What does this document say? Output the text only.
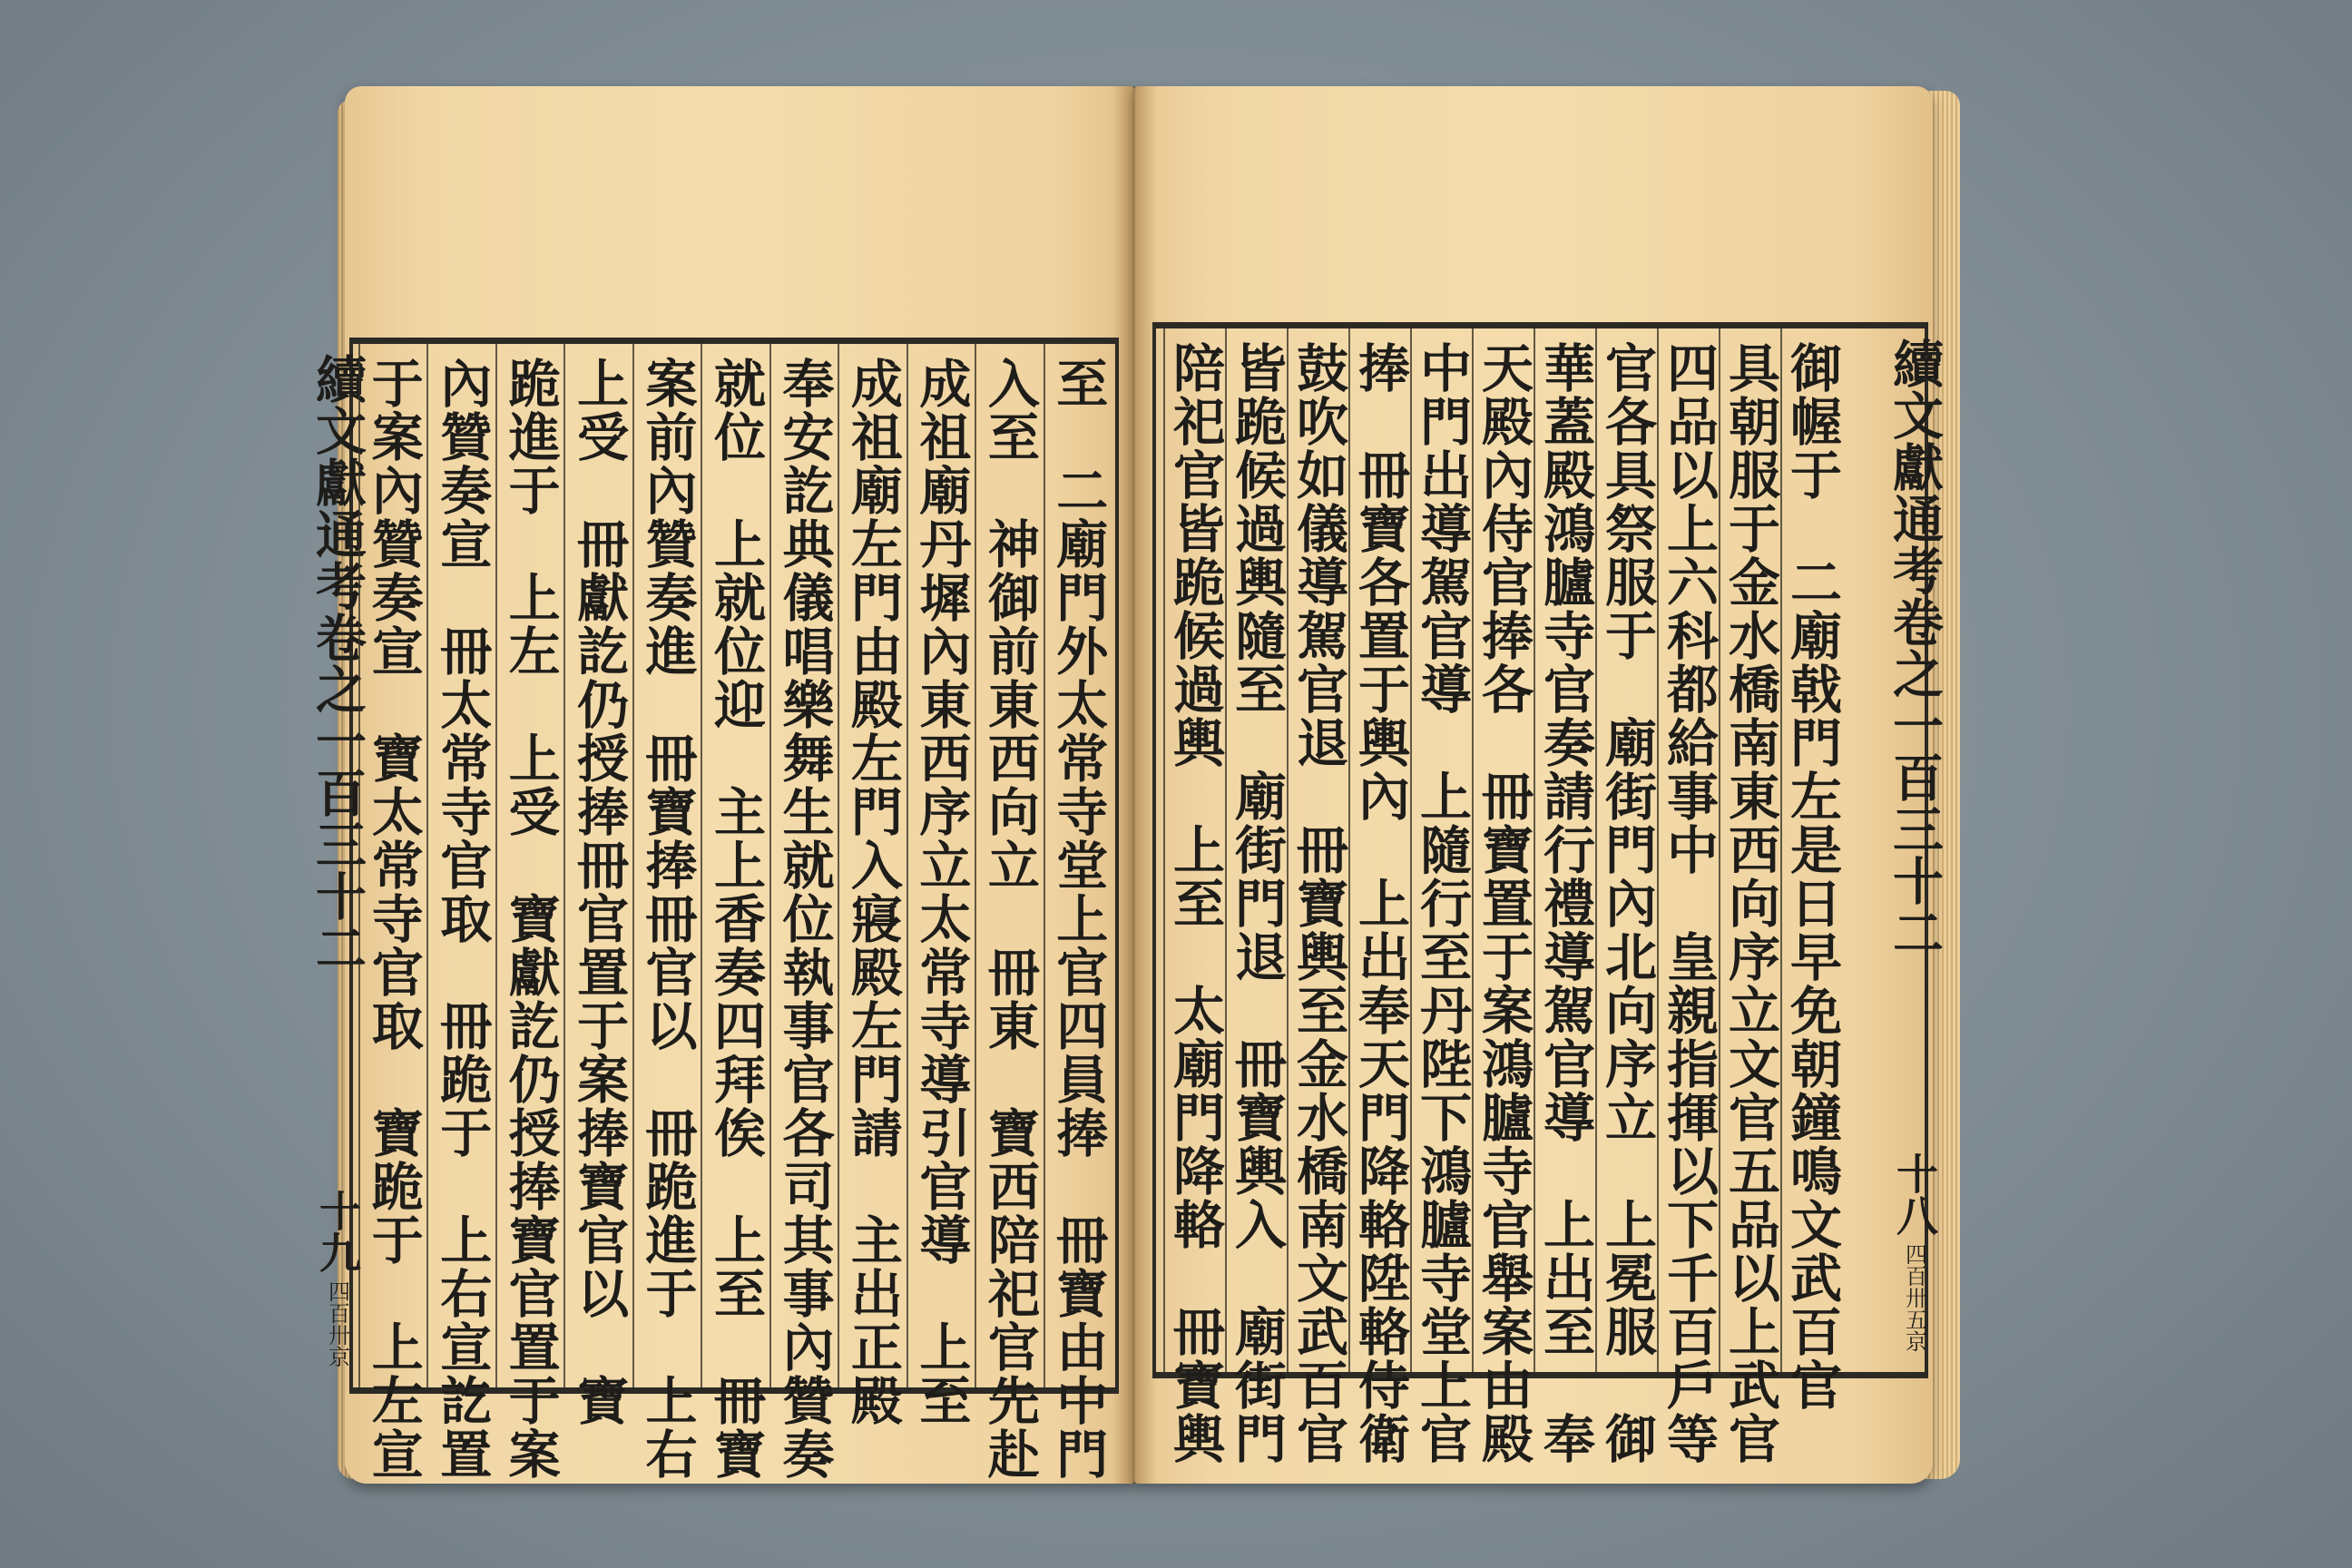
續文獻通考卷之一百三十二
十九
四百卅京	至　二廟門外太常寺堂上官四員捧　冊寶由中門
入至　神御前東西向立　冊東　寶西陪祀官先赴
成祖廟丹墀內東西序立太常寺導引官導　上至
成祖廟左門由殿左門入寢殿左門請　主出正殿
奉安訖典儀唱樂舞生就位執事官各司其事內贊奏
就位　上就位迎　主上香奏四拜俟　上至　冊寶
案前內贊奏進　冊寶捧冊官以　冊跪進于　上右
上受　冊獻訖仍授捧冊官置于案捧寶官以　寶
跪進于　上左　上受　寶獻訖仍授捧寶官置于案
內贊奏宣　冊太常寺官取　冊跪于　上右宣訖置
于案內贊奏宣　寶太常寺官取　寶跪于　上左宣	續文獻通考卷之一百三十二
十八
四百卅五京
御幄于　二廟戟門左是日早免朝鐘鳴文武百官
具朝服于金水橋南東西向序立文官五品以上武官
四品以上六科都給事中　皇親指揮以下千百戶等
官各具祭服于　廟街門內北向序立　上冕服　御
華蓋殿鴻臚寺官奏請行禮導駕官導　上出至　奉
天殿內侍官捧各　冊寶置于案鴻臚寺官舉案由殿
中門出導駕官導　上隨行至丹陛下鴻臚寺堂上官
捧　冊寶各置于輿內　上出奉天門降輅陞輅侍衛
鼓吹如儀導駕官退　冊寶輿至金水橋南文武百官
皆跪候過輿隨至　廟街門退　冊寶輿入　廟街門
陪祀官皆跪候過輿　上至　太廟門降輅　冊寶輿
